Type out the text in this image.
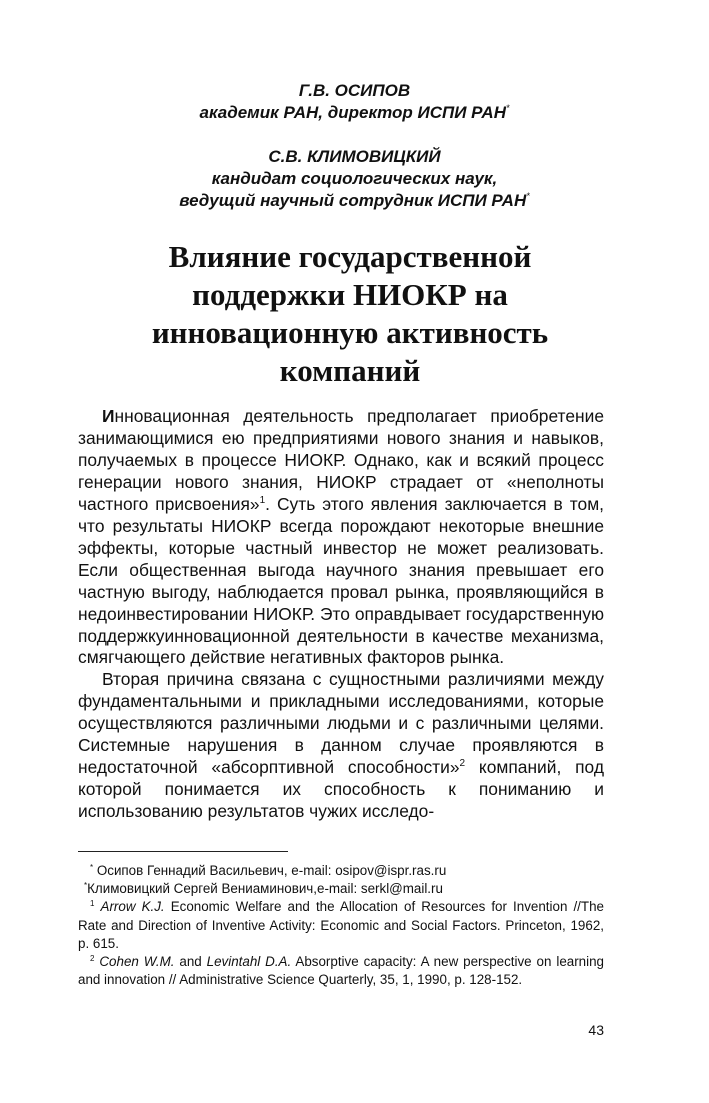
Г.В. ОСИПОВ
академик РАН, директор ИСПИ РАН*
С.В. КЛИМОВИЦКИЙ
кандидат социологических наук,
ведущий научный сотрудник ИСПИ РАН*
Влияние государственной
поддержки НИОКР на
инновационную активность
компаний

Инновационная деятельность предполагает приобретение занимающимися ею предприятиями нового знания и навыков, получаемых в процессе НИОКР. Однако, как и всякий процесс генерации нового знания, НИОКР страдает от «неполноты частного присвоения»$^1$. Суть этого явления заключается в том, что результаты НИОКР всегда порождают некоторые внешние эффекты, которые частный инвестор не может реализовать. Если общественная выгода научного знания превышает его частную выгоду, наблюдается провал рынка, проявляющийся в недоинвестировании НИОКР. Это оправдывает государственную поддержкуинновационной деятельности в качестве механизма, смягчающего действие негативных факторов рынка.

Вторая причина связана с сущностными различиями между фундаментальными и прикладными исследованиями, которые осуществляются различными людьми и с различными целями. Системные нарушения в данном случае проявляются в недостаточной «абсорптивной способности»$^2$ компаний, под которой понимается их способность к пониманию и использованию результатов чужих исследо-

* Осипов Геннадий Васильевич, e-mail: osipov@ispr.ras.ru

*Климовицкий Сергей Вениаминович,e-mail: serkl@mail.ru

$^1$ Arrow K.J. Economic Welfare and the Allocation of Resources for Invention //The Rate and Direction of Inventive Activity: Economic and Social Factors. Princeton, 1962, p. 615.

$^2$ Cohen W.M. and Levintahl D.A. Absorptive capacity: A new perspective on learning and innovation // Administrative Science Quarterly, 35, 1, 1990, p. 128-152.

43
